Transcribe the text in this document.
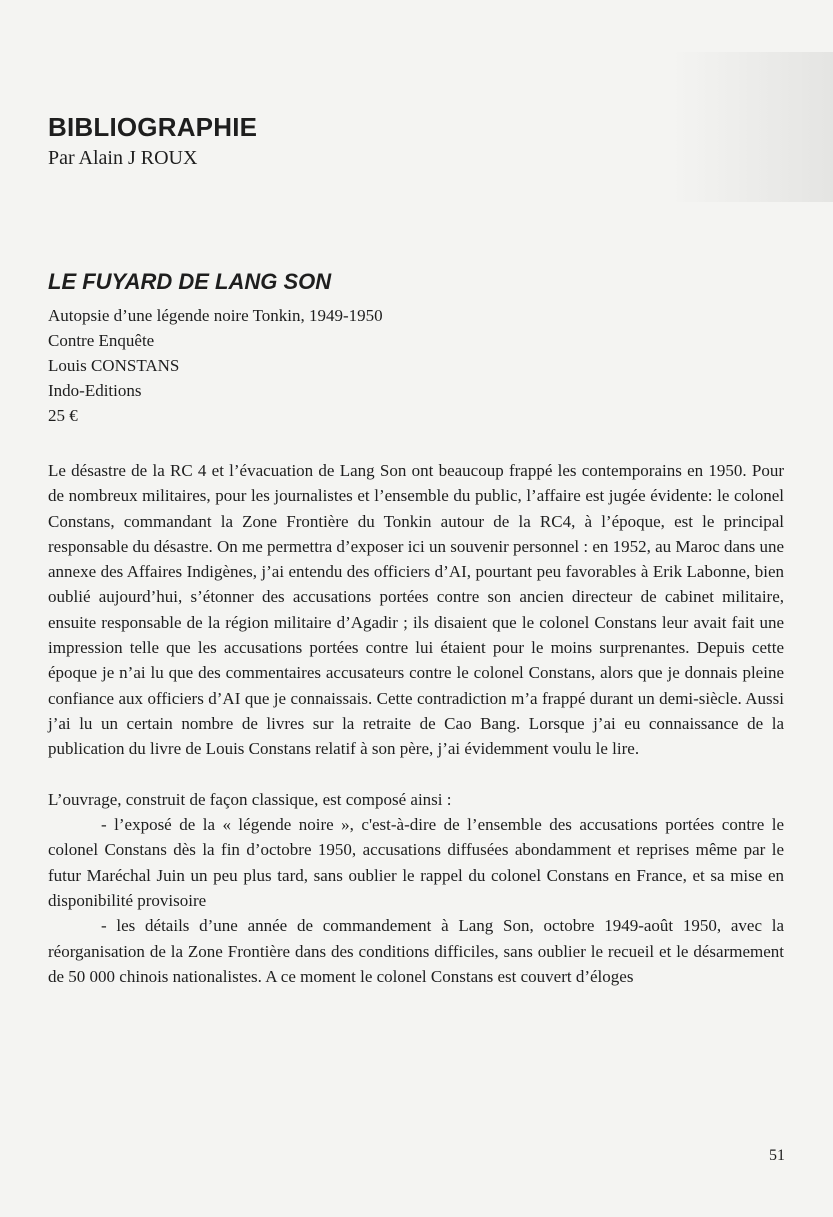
BIBLIOGRAPHIE

Par Alain J ROUX

LE FUYARD DE LANG SON
Autopsie d’une légende noire Tonkin, 1949-1950
Contre Enquête
Louis CONSTANS
Indo-Editions
25 €

Le désastre de la RC 4 et l’évacuation de Lang Son ont beaucoup frappé les contemporains en 1950. Pour de nombreux militaires, pour les journalistes et l’ensemble du public, l’affaire est jugée évidente: le colonel Constans, commandant la Zone Frontière du Tonkin autour de la RC4, à l’époque, est le principal responsable du désastre. On me permettra d’exposer ici un souvenir personnel : en 1952, au Maroc dans une annexe des Affaires Indigènes, j’ai entendu des officiers d’AI, pourtant peu favorables à Erik Labonne, bien oublié aujourd’hui, s’étonner des accusations portées contre son ancien directeur de cabinet militaire, ensuite responsable de la région militaire d’Agadir ; ils disaient que le colonel Constans leur avait fait une impression telle que les accusations portées contre lui étaient pour le moins surprenantes. Depuis cette époque je n’ai lu que des commentaires accusateurs contre le colonel Constans, alors que je donnais pleine confiance aux officiers d’AI que je connaissais. Cette contradiction m’a frappé durant un demi-siècle. Aussi j’ai lu un certain nombre de livres sur la retraite de Cao Bang. Lorsque j’ai eu connaissance de la publication du livre de Louis Constans relatif à son père, j’ai évidemment voulu le lire.

L’ouvrage, construit de façon classique, est composé ainsi :

- l’exposé de la « légende noire », c'est-à-dire de l’ensemble des accusations portées contre le colonel Constans dès la fin d’octobre 1950, accusations diffusées abondamment et reprises même par le futur Maréchal Juin un peu plus tard, sans oublier le rappel du colonel Constans en France, et sa mise en disponibilité provisoire

- les détails d’une année de commandement à Lang Son, octobre 1949-août 1950, avec la réorganisation de la Zone Frontière dans des conditions difficiles, sans oublier le recueil et le désarmement de 50 000 chinois nationalistes. A ce moment le colonel Constans est couvert d’éloges

51
